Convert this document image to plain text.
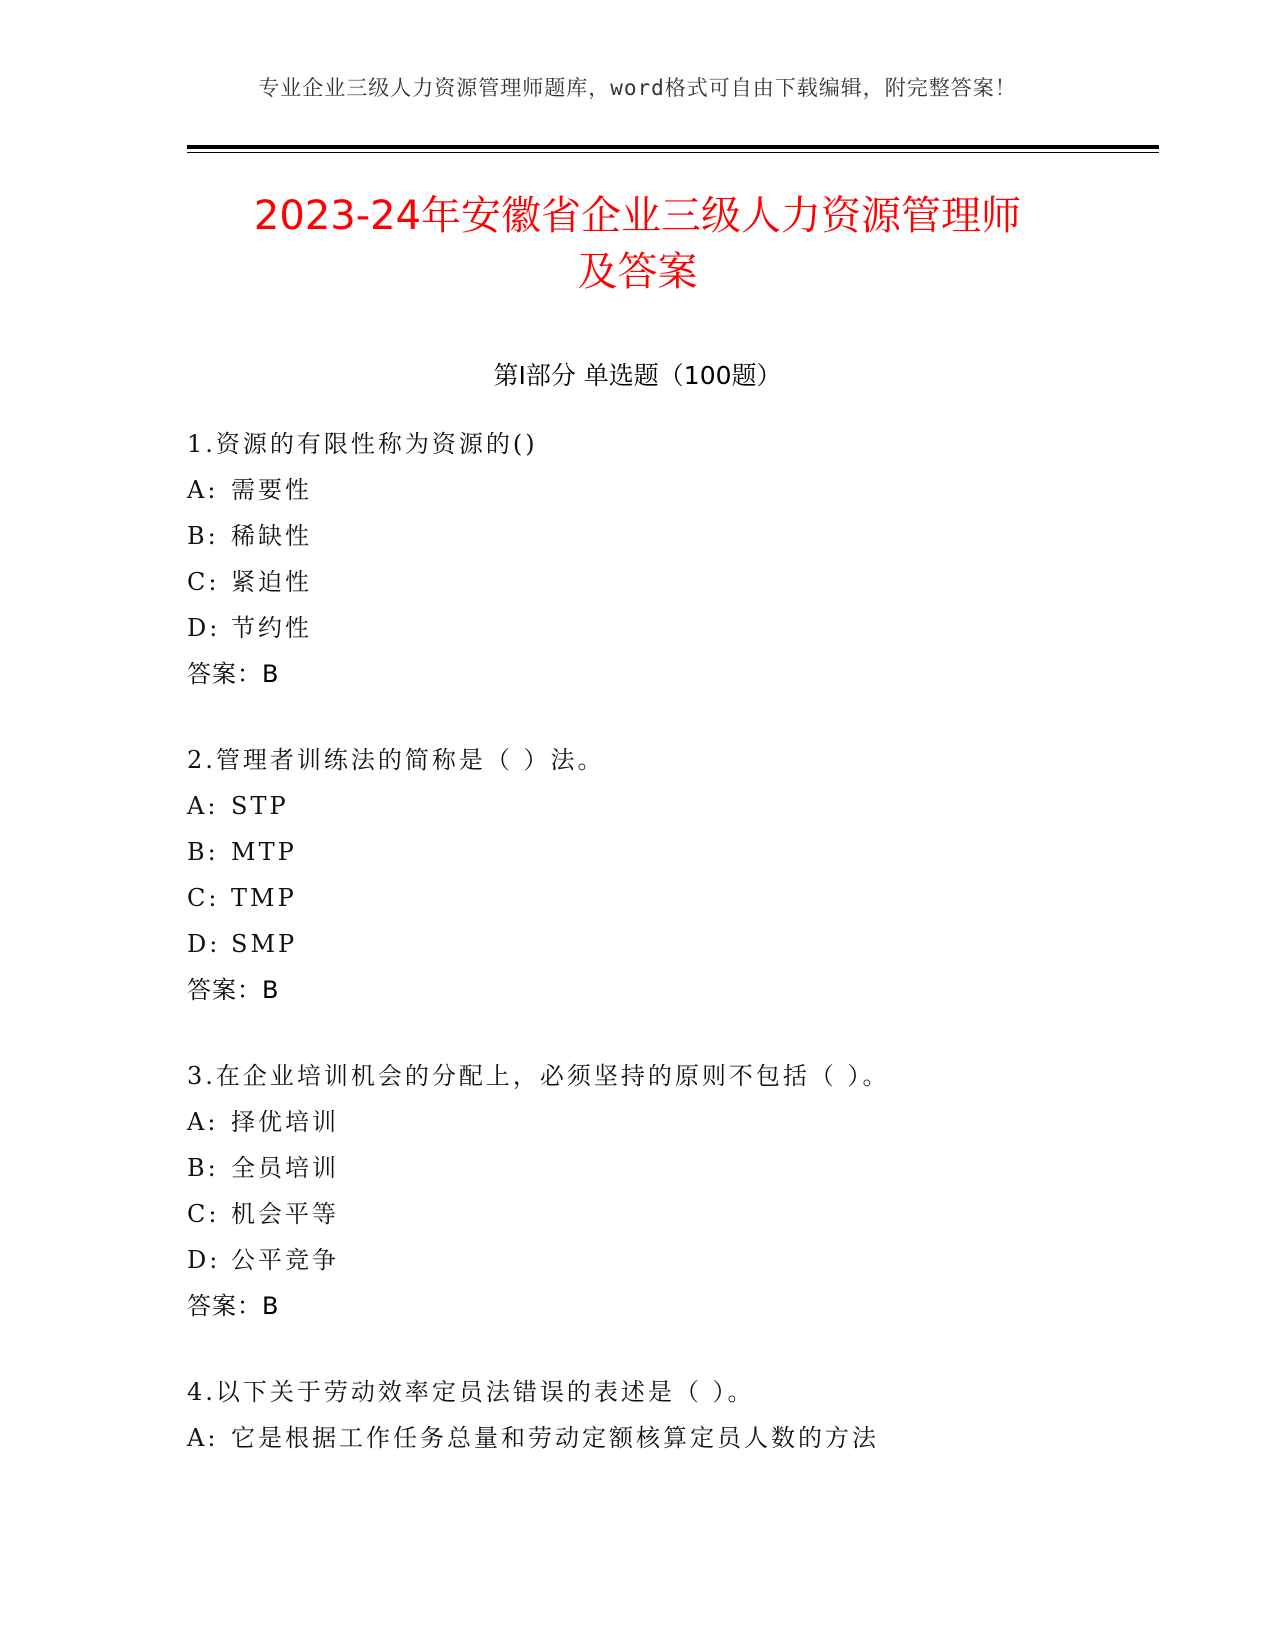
专业企业三级人力资源管理师题库，word格式可自由下载编辑，附完整答案！
2023-24年安徽省企业三级人力资源管理师
及答案
第Ⅰ部分 单选题（100题）
1.资源的有限性称为资源的()
A: 需要性
B: 稀缺性
C: 紧迫性
D: 节约性
答案：B
2.管理者训练法的简称是（ ）法。
A: STP
B: MTP
C: TMP
D: SMP
答案：B
3.在企业培训机会的分配上，必须坚持的原则不包括（ ）。
A: 择优培训
B: 全员培训
C: 机会平等
D: 公平竞争
答案：B
4.以下关于劳动效率定员法错误的表述是（ ）。
A: 它是根据工作任务总量和劳动定额核算定员人数的方法
